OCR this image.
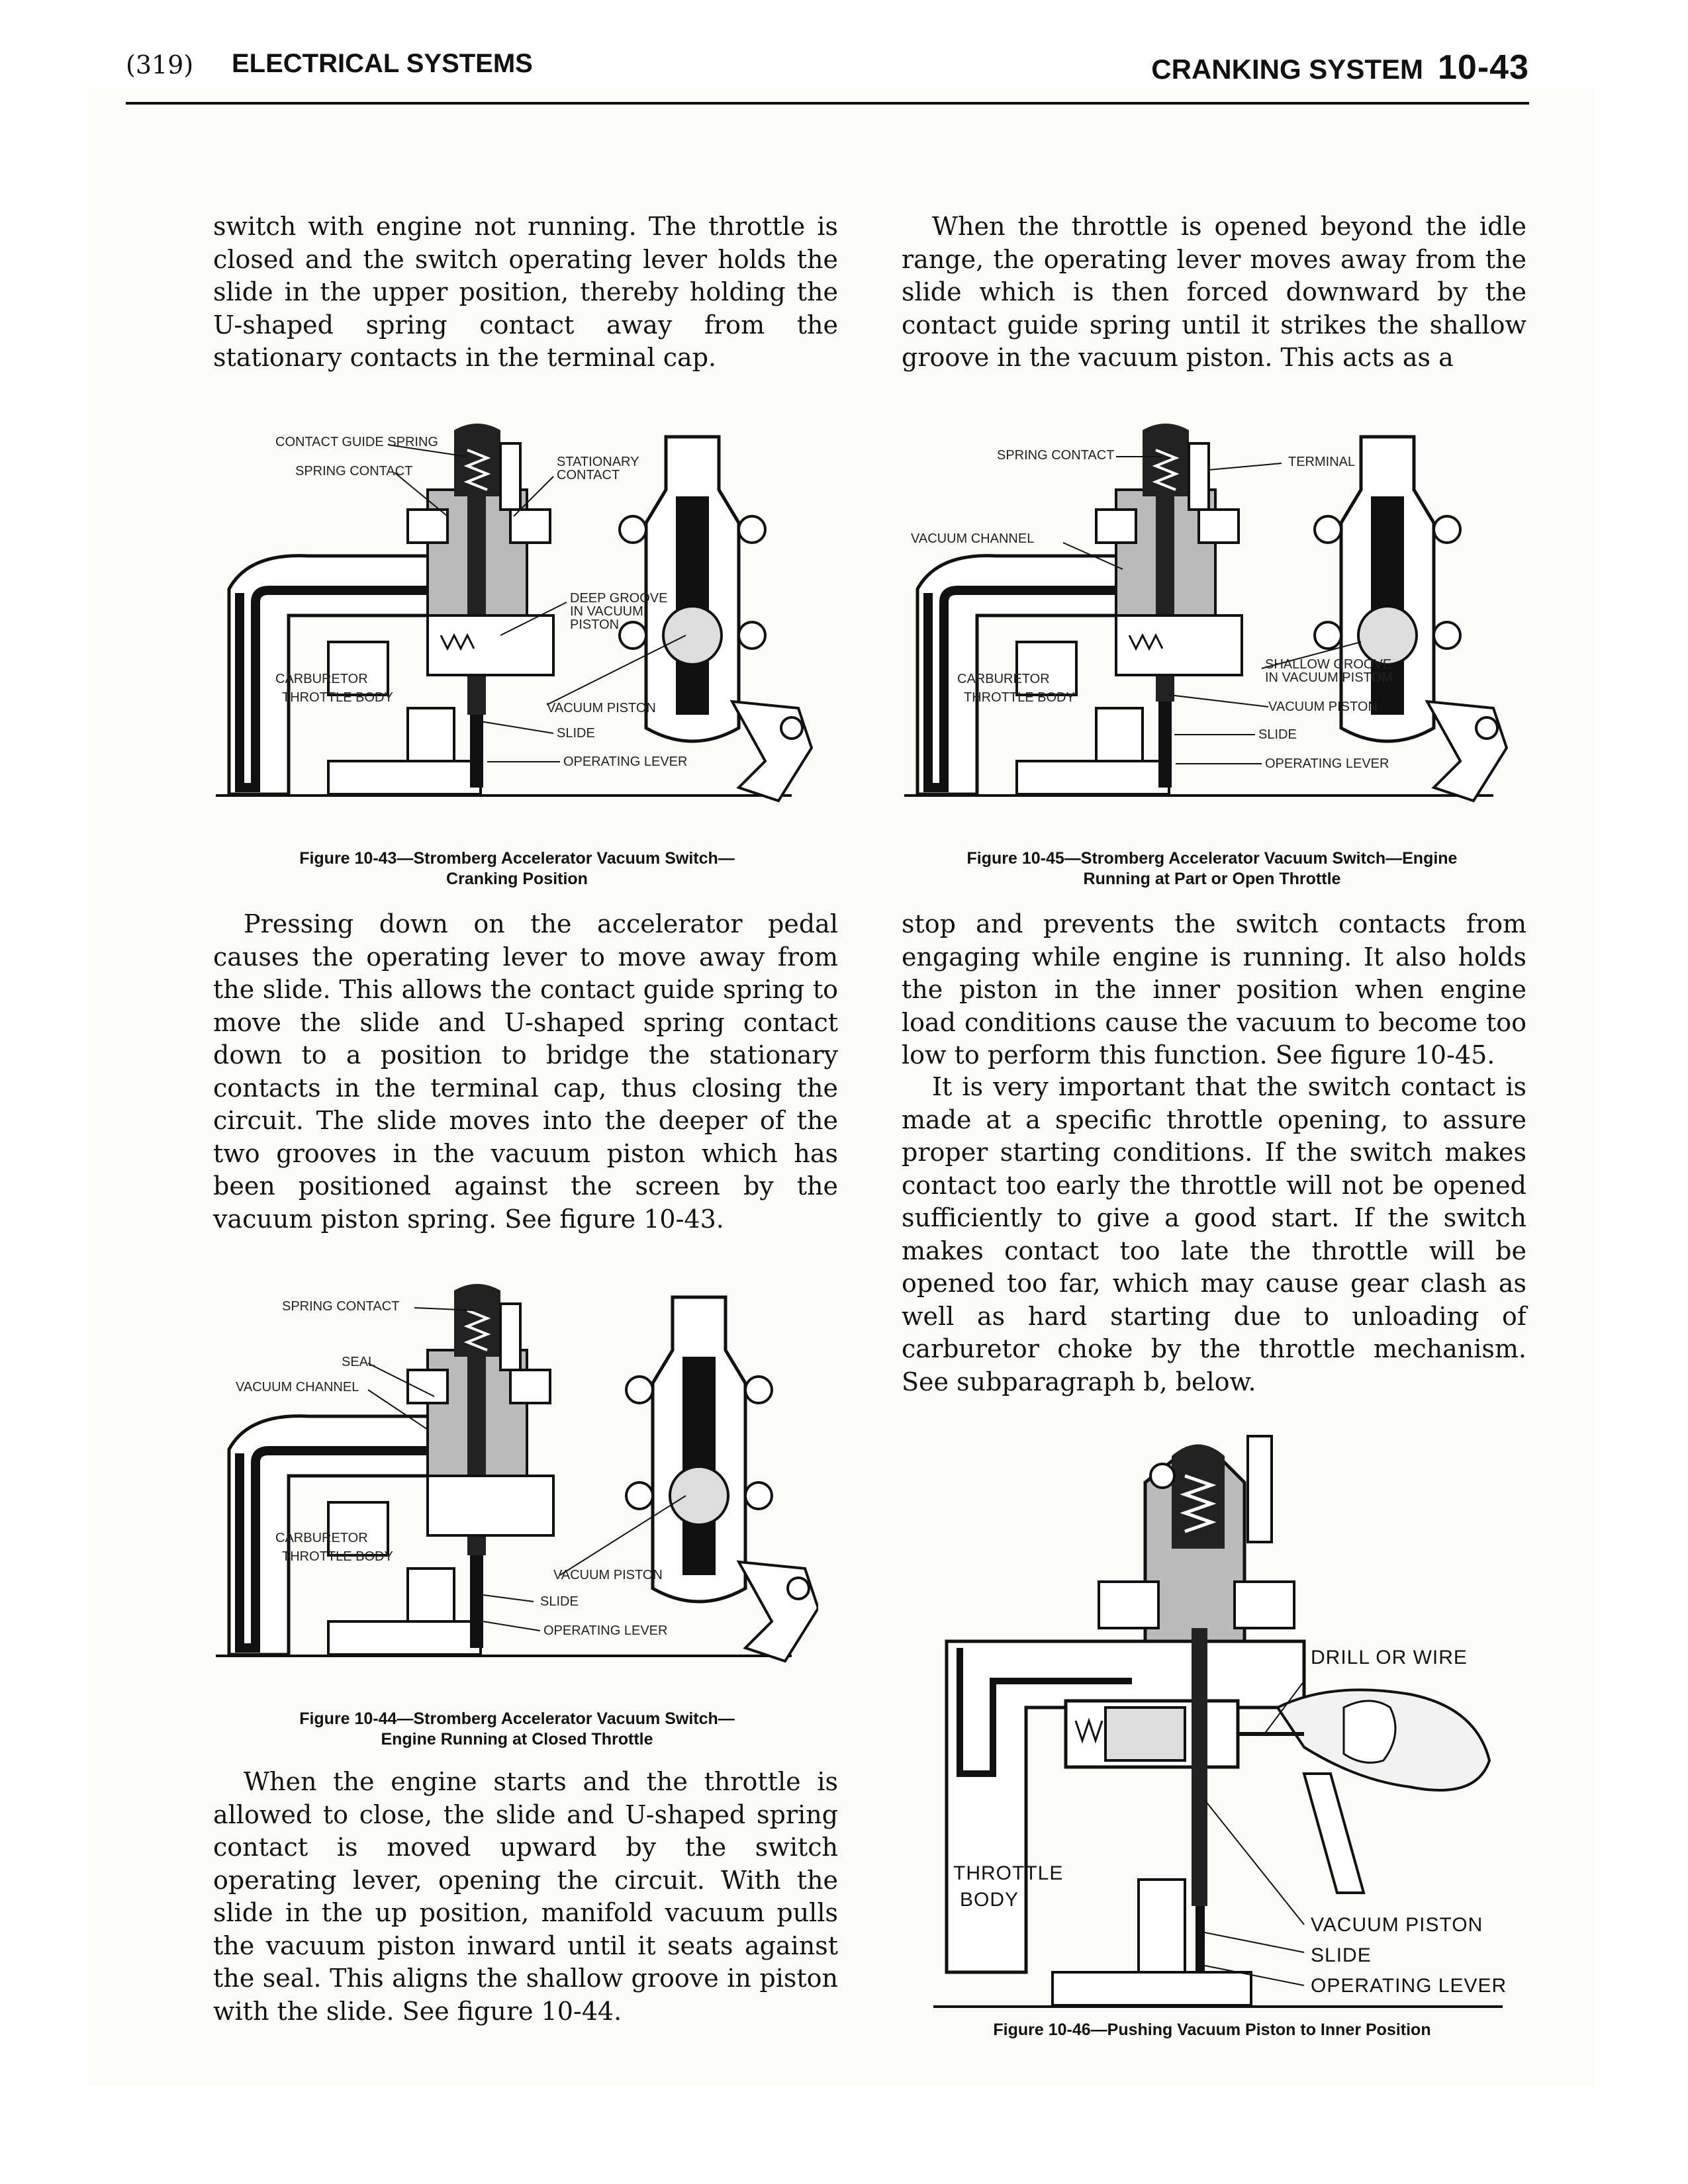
(319) ELECTRICAL SYSTEMS	CRANKING SYSTEM 10-43

switch with engine not running. The throttle is closed and the switch operating lever holds the slide in the upper position, thereby holding the U-shaped spring contact away from the stationary contacts in the terminal cap.

Pressing down on the accelerator pedal causes the operating lever to move away from the slide. This allows the contact guide spring to move the slide and U-shaped spring contact down to a position to bridge the stationary contacts in the terminal cap, thus closing the circuit. The slide moves into the deeper of the two grooves in the vacuum piston which has been positioned against the screen by the vacuum piston spring. See figure 10-43.

When the engine starts and the throttle is allowed to close, the slide and U-shaped spring contact is moved upward by the switch operating lever, opening the circuit. With the slide in the up position, manifold vacuum pulls the vacuum piston inward until it seats against the seal. This aligns the shallow groove in piston with the slide. See figure 10-44.

When the throttle is opened beyond the idle range, the operating lever moves away from the slide which is then forced downward by the contact guide spring until it strikes the shallow groove in the vacuum piston. This acts as a

stop and prevents the switch contacts from engaging while engine is running. It also holds the piston in the inner position when engine load conditions cause the vacuum to become too low to perform this function. See figure 10-45.

It is very important that the switch contact is made at a specific throttle opening, to assure proper starting conditions. If the switch makes contact too early the throttle will not be opened sufficiently to give a good start. If the switch makes contact too late the throttle will be opened too far, which may cause gear clash as well as hard starting due to unloading of carburetor choke by the throttle mechanism. See subparagraph b, below.

CONTACT GUIDE SPRING
SPRING CONTACT
STATIONARY
CONTACT
DEEP GROOVE
IN VACUUM
PISTON
CARBURETOR
THROTTLE BODY
VACUUM PISTON
SLIDE
OPERATING LEVER
Figure 10-43—Stromberg Accelerator Vacuum Switch—
Cranking Position
SPRING CONTACT	TERMINAL
VACUUM CHANNEL
SHALLOW GROOVE
IN VACUUM PISTOM
CARBURETOR
THROTTLE BODY
VACUUM PISTON
SLIDE
OPERATING LEVER
Figure 10-45—Stromberg Accelerator Vacuum Switch—Engine
Running at Part or Open Throttle
SPRING CONTACT
SEAL
VACUUM CHANNEL
CARBURETOR
THROTTLE BODY
VACUUM PISTON
SLIDE
OPERATING LEVER
Figure 10-44—Stromberg Accelerator Vacuum Switch—
Engine Running at Closed Throttle
DRILL OR WIRE
THROTTLE
BODY
VACUUM PISTON
SLIDE
OPERATING LEVER
Figure 10-46—Pushing Vacuum Piston to Inner Position
